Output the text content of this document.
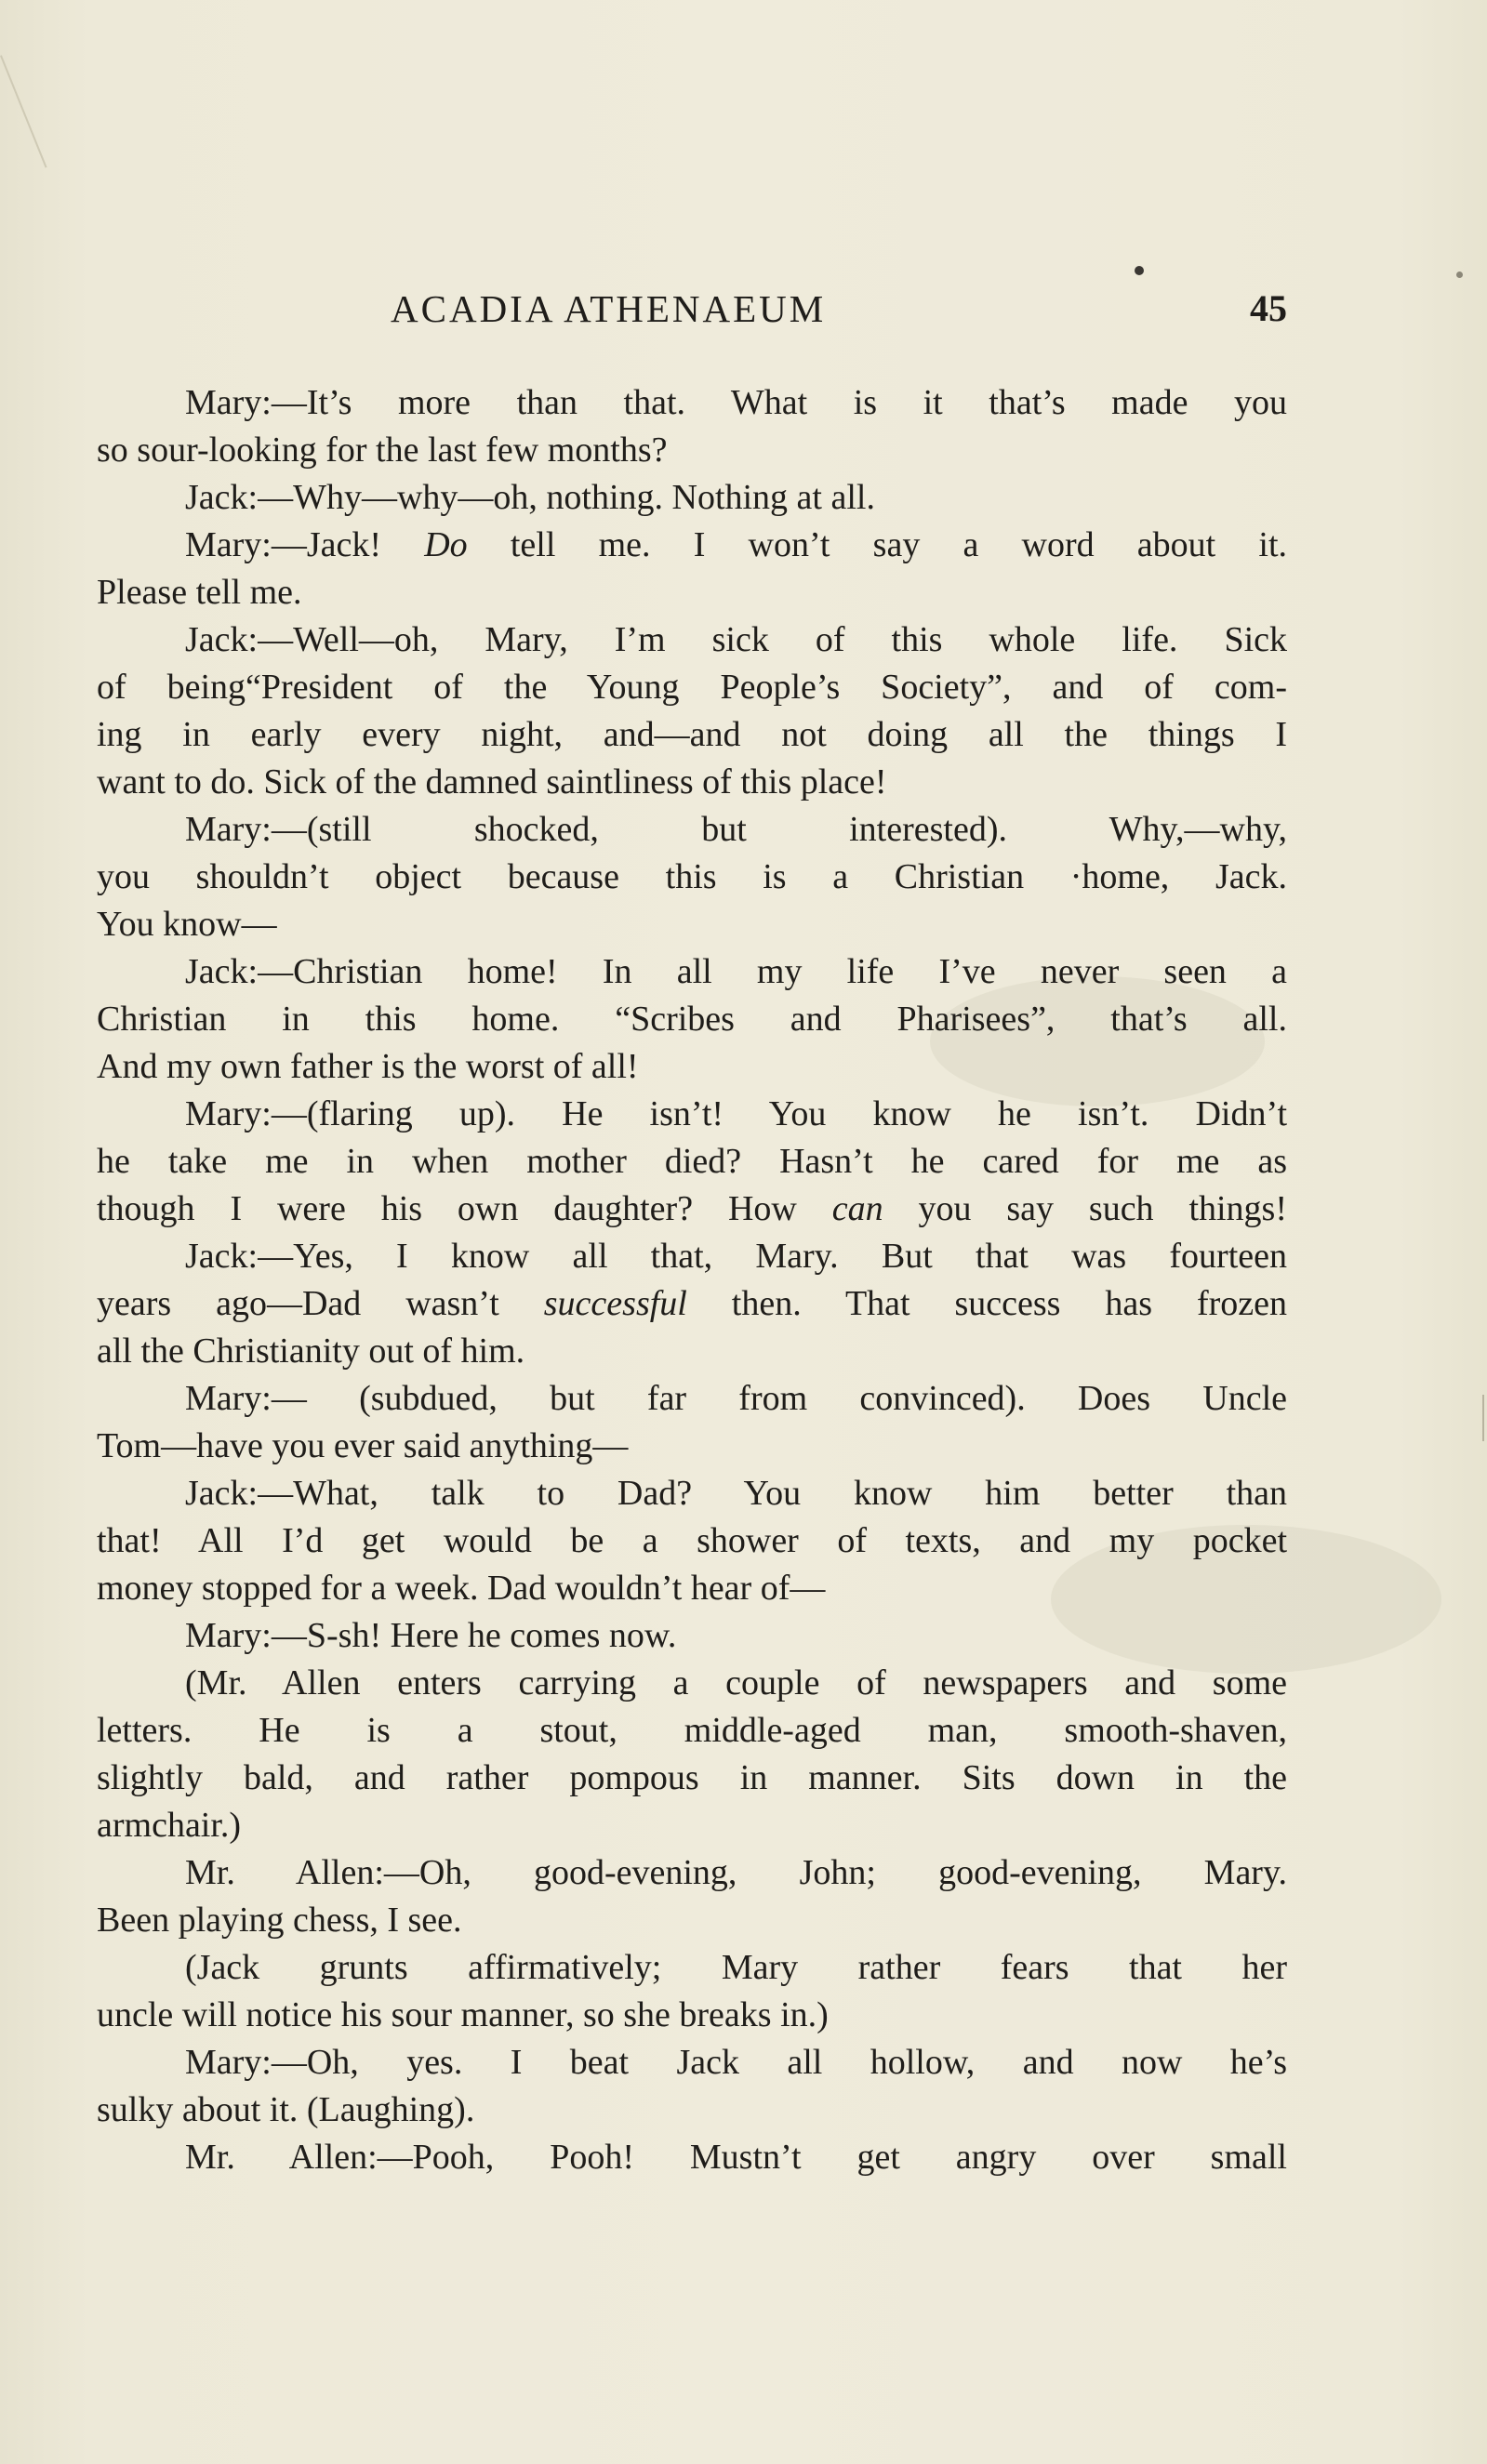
ACADIA ATHENAEUM	45
Mary:—It’s more than that. What is it that’s made you
so sour-looking for the last few months?
Jack:—Why—why—oh, nothing. Nothing at all.
Mary:—Jack! Do tell me. I won’t say a word about it.
Please tell me.
Jack:—Well—oh, Mary, I’m sick of this whole life. Sick
of being“President of the Young People’s Society”, and of com-
ing in early every night, and—and not doing all the things I
want to do. Sick of the damned saintliness of this place!
Mary:—(still shocked, but interested). Why,—why,
you shouldn’t object because this is a Christian ·home, Jack.
You know—
Jack:—Christian home! In all my life I’ve never seen a
Christian in this home. “Scribes and Pharisees”, that’s all.
And my own father is the worst of all!
Mary:—(flaring up). He isn’t! You know he isn’t. Didn’t
he take me in when mother died? Hasn’t he cared for me as
though I were his own daughter? How can you say such things!
Jack:—Yes, I know all that, Mary. But that was fourteen
years ago—Dad wasn’t successful then. That success has frozen
all the Christianity out of him.
Mary:— (subdued, but far from convinced). Does Uncle
Tom—have you ever said anything—
Jack:—What, talk to Dad? You know him better than
that! All I’d get would be a shower of texts, and my pocket
money stopped for a week. Dad wouldn’t hear of—
Mary:—S-sh! Here he comes now.
(Mr. Allen enters carrying a couple of newspapers and some
letters. He is a stout, middle-aged man, smooth-shaven,
slightly bald, and rather pompous in manner. Sits down in the
armchair.)
Mr. Allen:—Oh, good-evening, John; good-evening, Mary.
Been playing chess, I see.
(Jack grunts affirmatively; Mary rather fears that her
uncle will notice his sour manner, so she breaks in.)
Mary:—Oh, yes. I beat Jack all hollow, and now he’s
sulky about it. (Laughing).
Mr. Allen:—Pooh, Pooh! Mustn’t get angry over small
